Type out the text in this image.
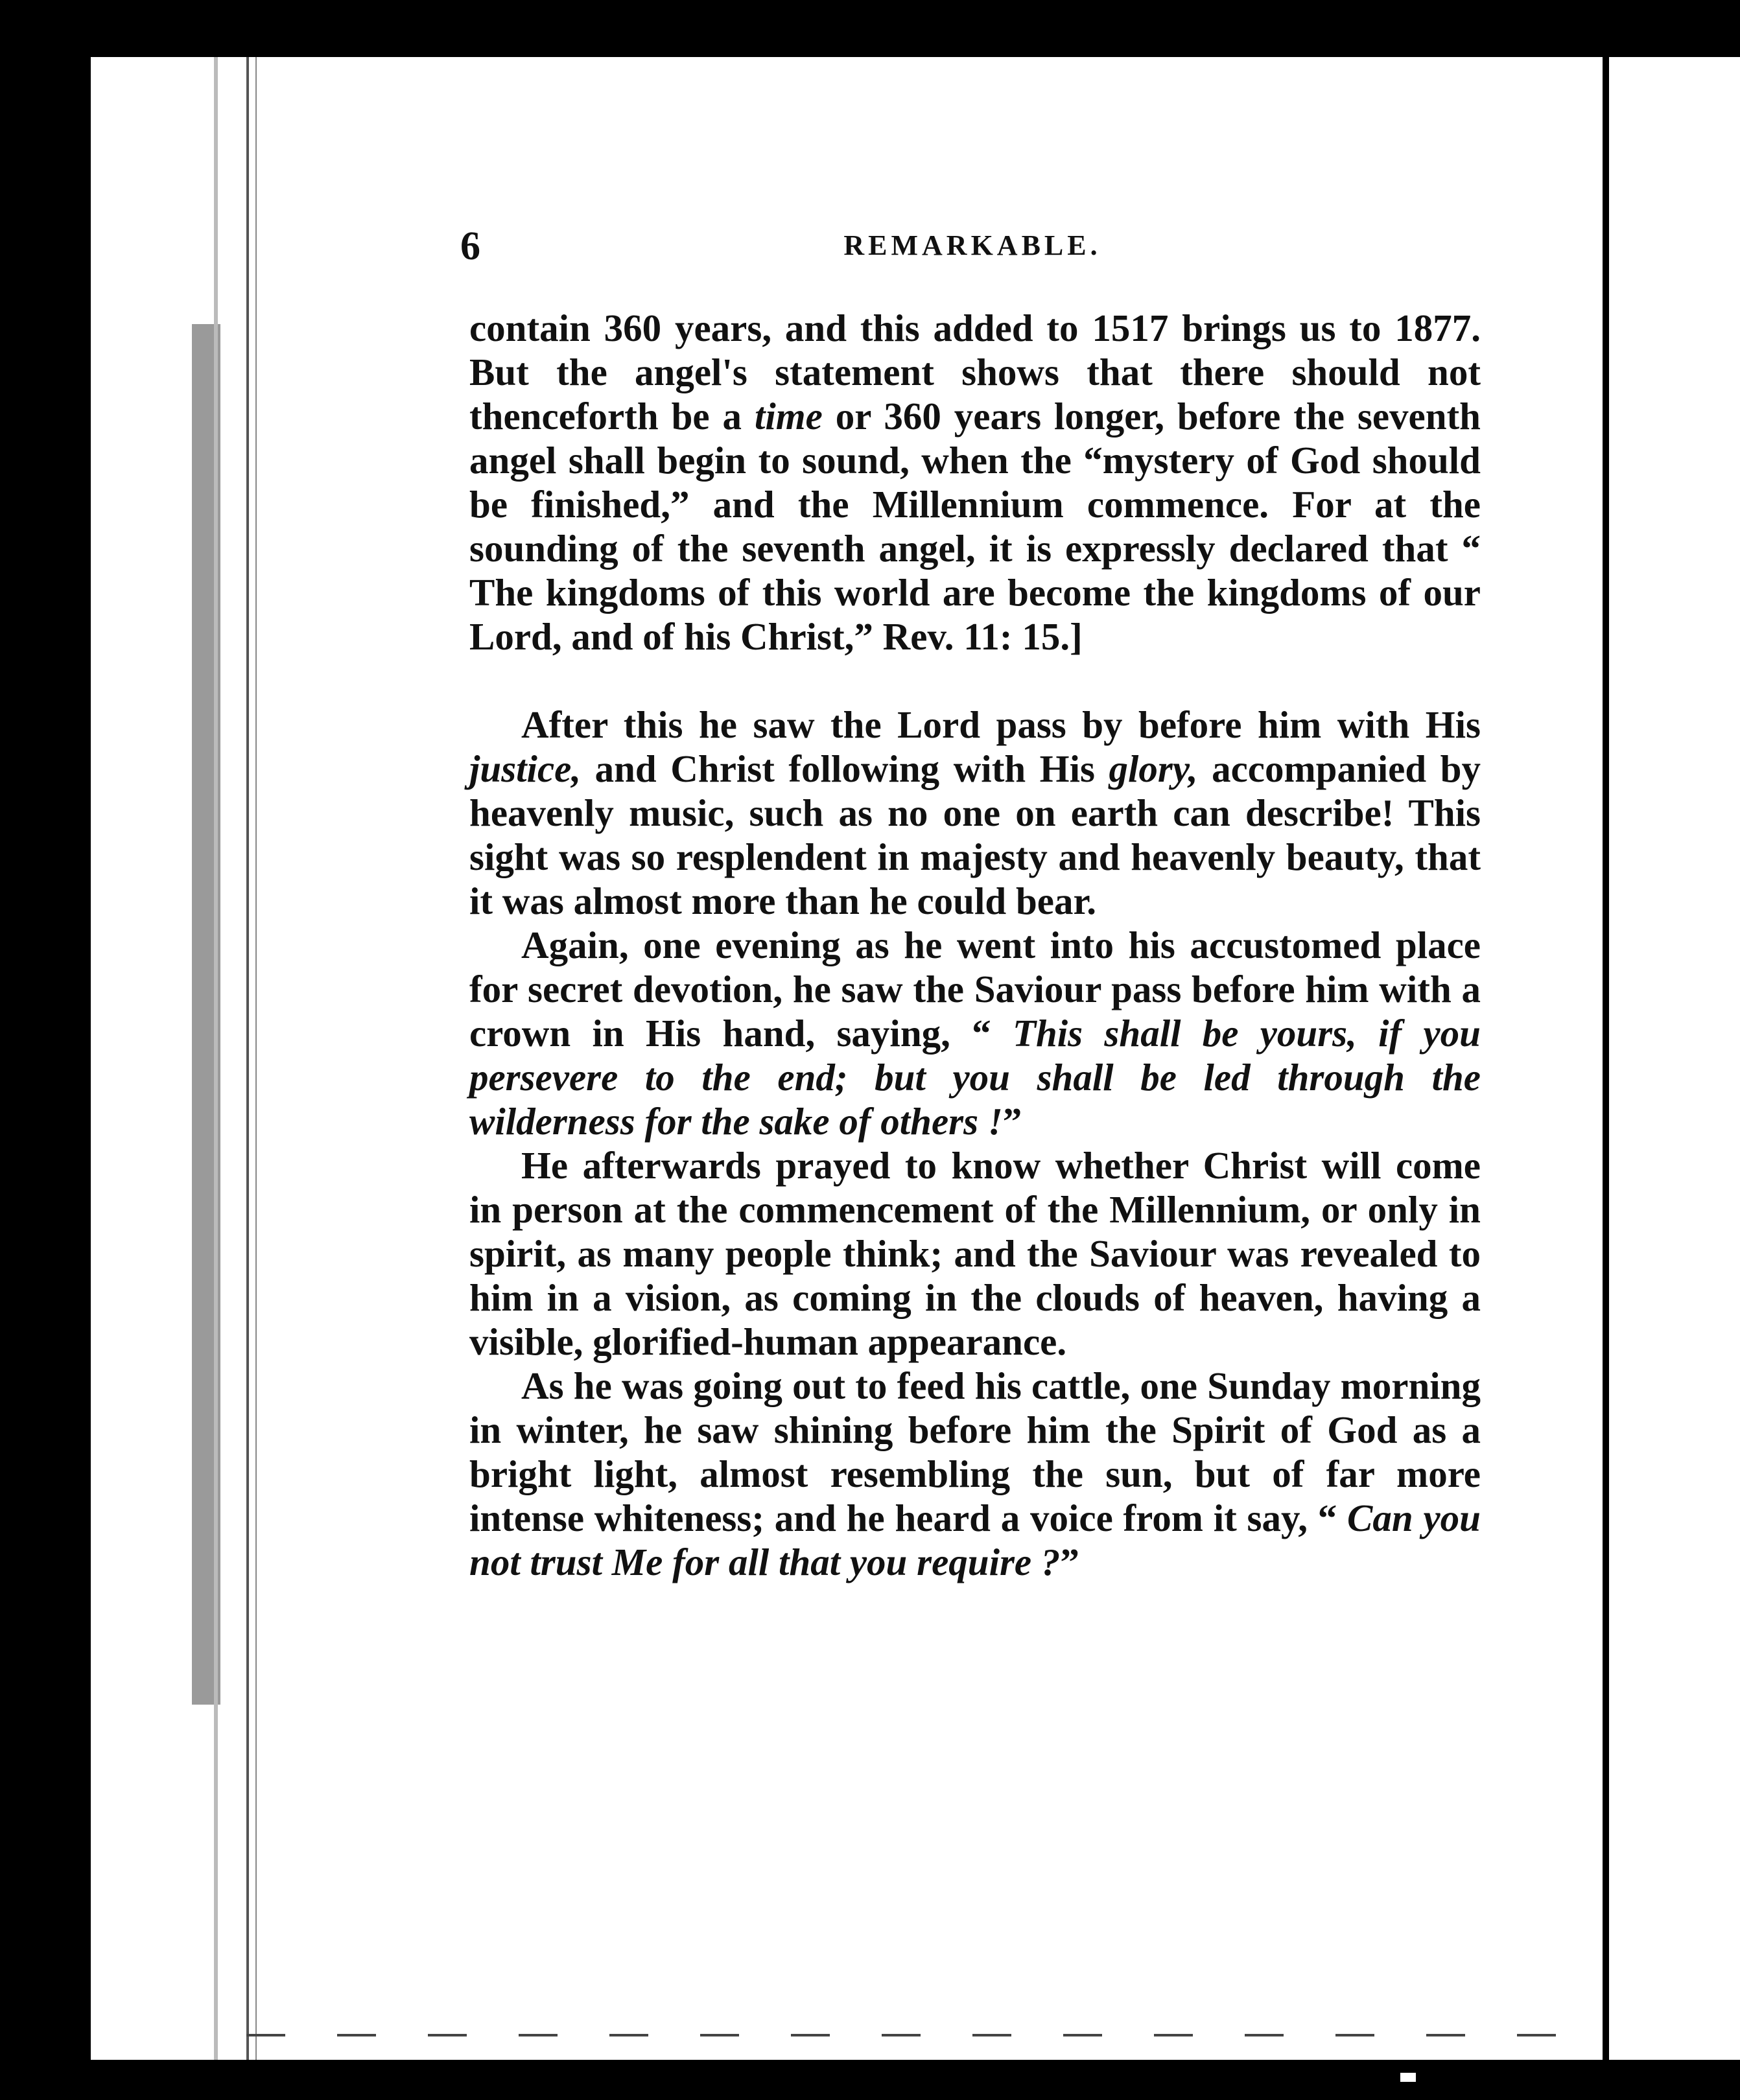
6	REMARKABLE.

contain 360 years, and this added to 1517 brings us to 1877. But the angel's statement shows that there should not thenceforth be a time or 360 years longer, before the seventh angel shall begin to sound, when the “mystery of God should be finished,” and the Millennium commence. For at the sounding of the seventh angel, it is expressly declared that “ The kingdoms of this world are become the kingdoms of our Lord, and of his Christ,” Rev. 11: 15.]

After this he saw the Lord pass by before him with His justice, and Christ following with His glory, accompanied by heavenly music, such as no one on earth can describe! This sight was so resplendent in majesty and heavenly beauty, that it was almost more than he could bear.

Again, one evening as he went into his accustomed place for secret devotion, he saw the Saviour pass before him with a crown in His hand, saying, “ This shall be yours, if you persevere to the end; but you shall be led through the wilderness for the sake of others !”

He afterwards prayed to know whether Christ will come in person at the commencement of the Millennium, or only in spirit, as many people think; and the Saviour was revealed to him in a vision, as coming in the clouds of heaven, having a visible, glorified-human appearance.

As he was going out to feed his cattle, one Sunday morning in winter, he saw shining before him the Spirit of God as a bright light, almost resembling the sun, but of far more intense whiteness; and he heard a voice from it say, “ Can you not trust Me for all that you require ?”
